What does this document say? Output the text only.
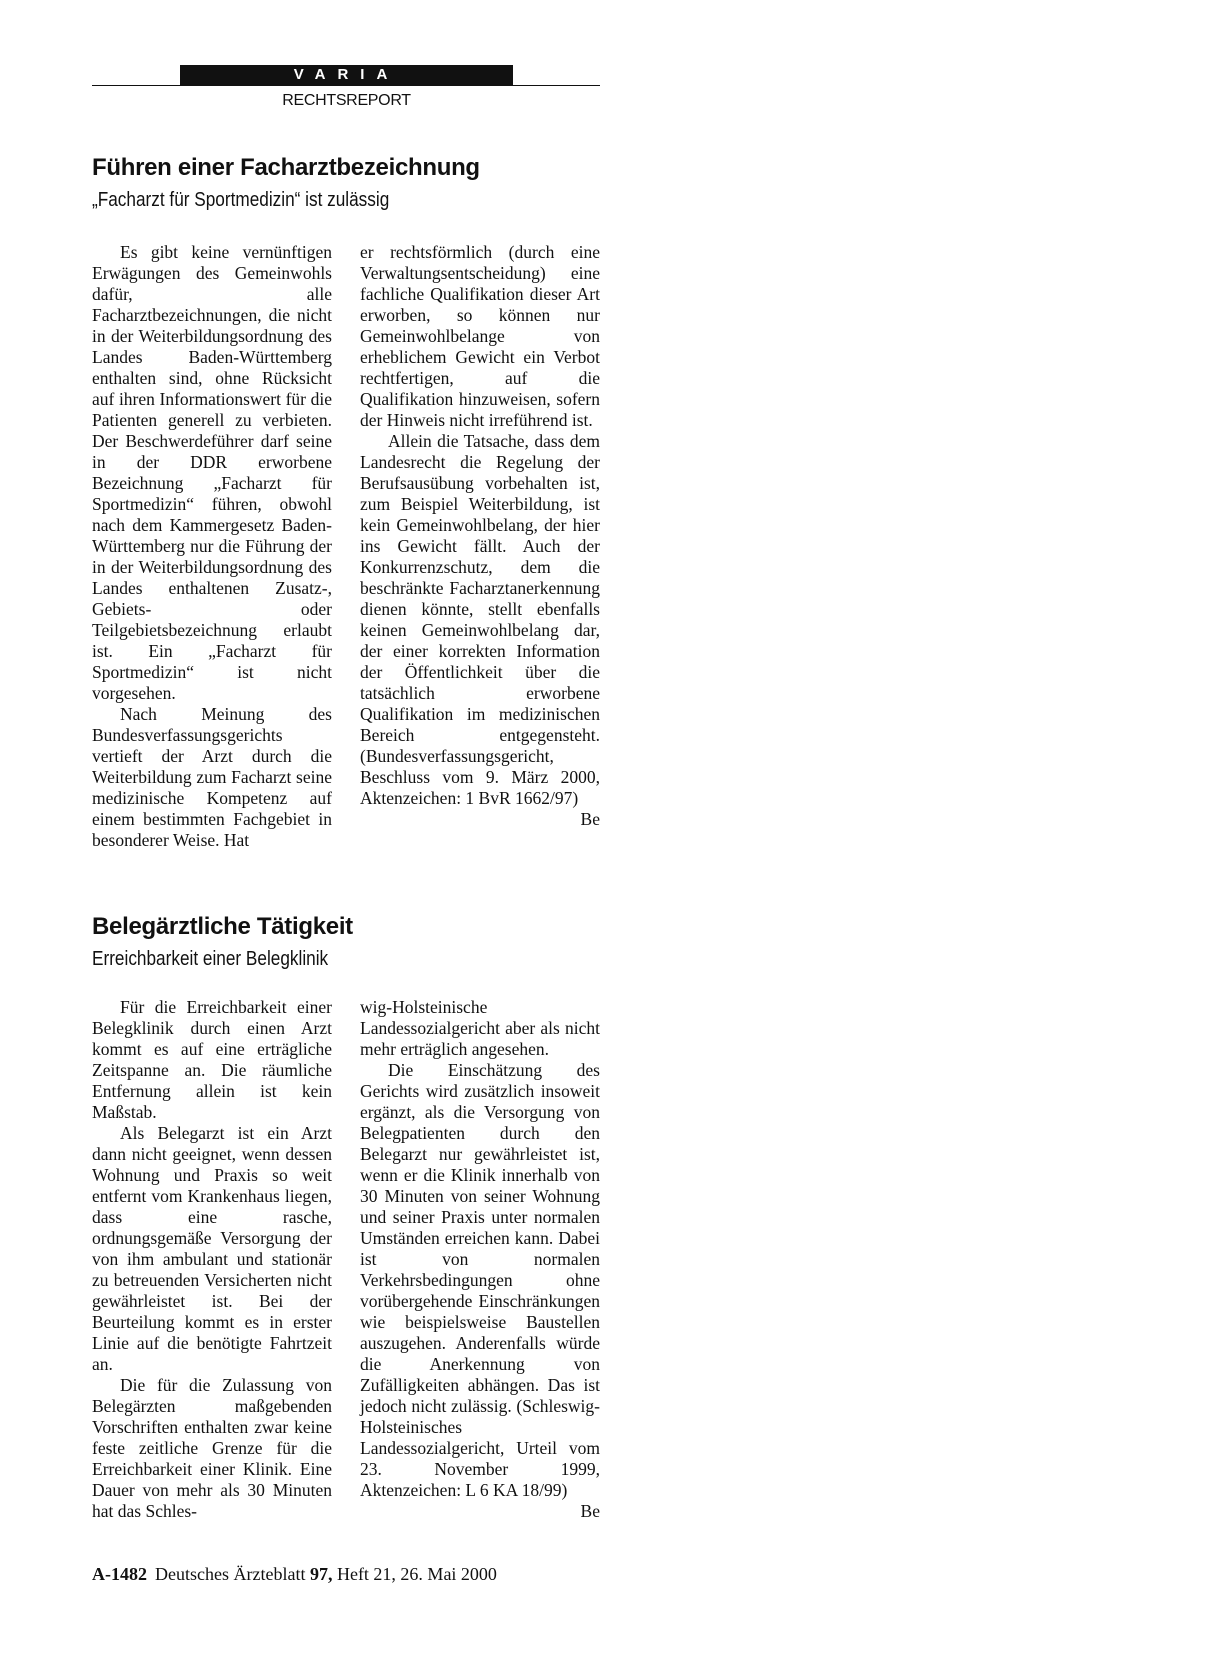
VARIA
RECHTSREPORT
Führen einer Facharztbezeichnung
„Facharzt für Sportmedizin“ ist zulässig

Es gibt keine vernünftigen Erwägungen des Gemeinwohls dafür, alle Facharztbezeichnungen, die nicht in der Weiterbildungsordnung des Landes Baden-Württemberg enthalten sind, ohne Rücksicht auf ihren Informationswert für die Patienten generell zu verbieten. Der Beschwerdeführer darf seine in der DDR erworbene Bezeichnung „Facharzt für Sportmedizin“ führen, obwohl nach dem Kammergesetz Baden-Württemberg nur die Führung der in der Weiterbildungsordnung des Landes enthaltenen Zusatz-, Gebiets- oder Teilgebietsbezeichnung erlaubt ist. Ein „Facharzt für Sportmedizin“ ist nicht vorgesehen.

Nach Meinung des Bundesverfassungsgerichts vertieft der Arzt durch die Weiterbildung zum Facharzt seine medizinische Kompetenz auf einem bestimmten Fachgebiet in besonderer Weise. Hat

er rechtsförmlich (durch eine Verwaltungsentscheidung) eine fachliche Qualifikation dieser Art erworben, so können nur Gemeinwohlbelange von erheblichem Gewicht ein Verbot rechtfertigen, auf die Qualifikation hinzuweisen, sofern der Hinweis nicht irreführend ist.

Allein die Tatsache, dass dem Landesrecht die Regelung der Berufsausübung vorbehalten ist, zum Beispiel Weiterbildung, ist kein Gemeinwohlbelang, der hier ins Gewicht fällt. Auch der Konkurrenzschutz, dem die beschränkte Facharztanerkennung dienen könnte, stellt ebenfalls keinen Gemeinwohlbelang dar, der einer korrekten Information der Öffentlichkeit über die tatsächlich erworbene Qualifikation im medizinischen Bereich entgegensteht. (Bundesverfassungsgericht, Beschluss vom 9. März 2000, Aktenzeichen: 1 BvR 1662/97)
Be

Belegärztliche Tätigkeit
Erreichbarkeit einer Belegklinik

Für die Erreichbarkeit einer Belegklinik durch einen Arzt kommt es auf eine erträgliche Zeitspanne an. Die räumliche Entfernung allein ist kein Maßstab.

Als Belegarzt ist ein Arzt dann nicht geeignet, wenn dessen Wohnung und Praxis so weit entfernt vom Krankenhaus liegen, dass eine rasche, ordnungsgemäße Versorgung der von ihm ambulant und stationär zu betreuenden Versicherten nicht gewährleistet ist. Bei der Beurteilung kommt es in erster Linie auf die benötigte Fahrtzeit an.

Die für die Zulassung von Belegärzten maßgebenden Vorschriften enthalten zwar keine feste zeitliche Grenze für die Erreichbarkeit einer Klinik. Eine Dauer von mehr als 30 Minuten hat das Schles-

wig-Holsteinische Landessozialgericht aber als nicht mehr erträglich angesehen.

Die Einschätzung des Gerichts wird zusätzlich insoweit ergänzt, als die Versorgung von Belegpatienten durch den Belegarzt nur gewährleistet ist, wenn er die Klinik innerhalb von 30 Minuten von seiner Wohnung und seiner Praxis unter normalen Umständen erreichen kann. Dabei ist von normalen Verkehrsbedingungen ohne vorübergehende Einschränkungen wie beispielsweise Baustellen auszugehen. Anderenfalls würde die Anerkennung von Zufälligkeiten abhängen. Das ist jedoch nicht zulässig. (Schleswig-Holsteinisches Landessozialgericht, Urteil vom 23. November 1999, Aktenzeichen: L 6 KA 18/99)
Be

A-1482 Deutsches Ärzteblatt 97, Heft 21, 26. Mai 2000
